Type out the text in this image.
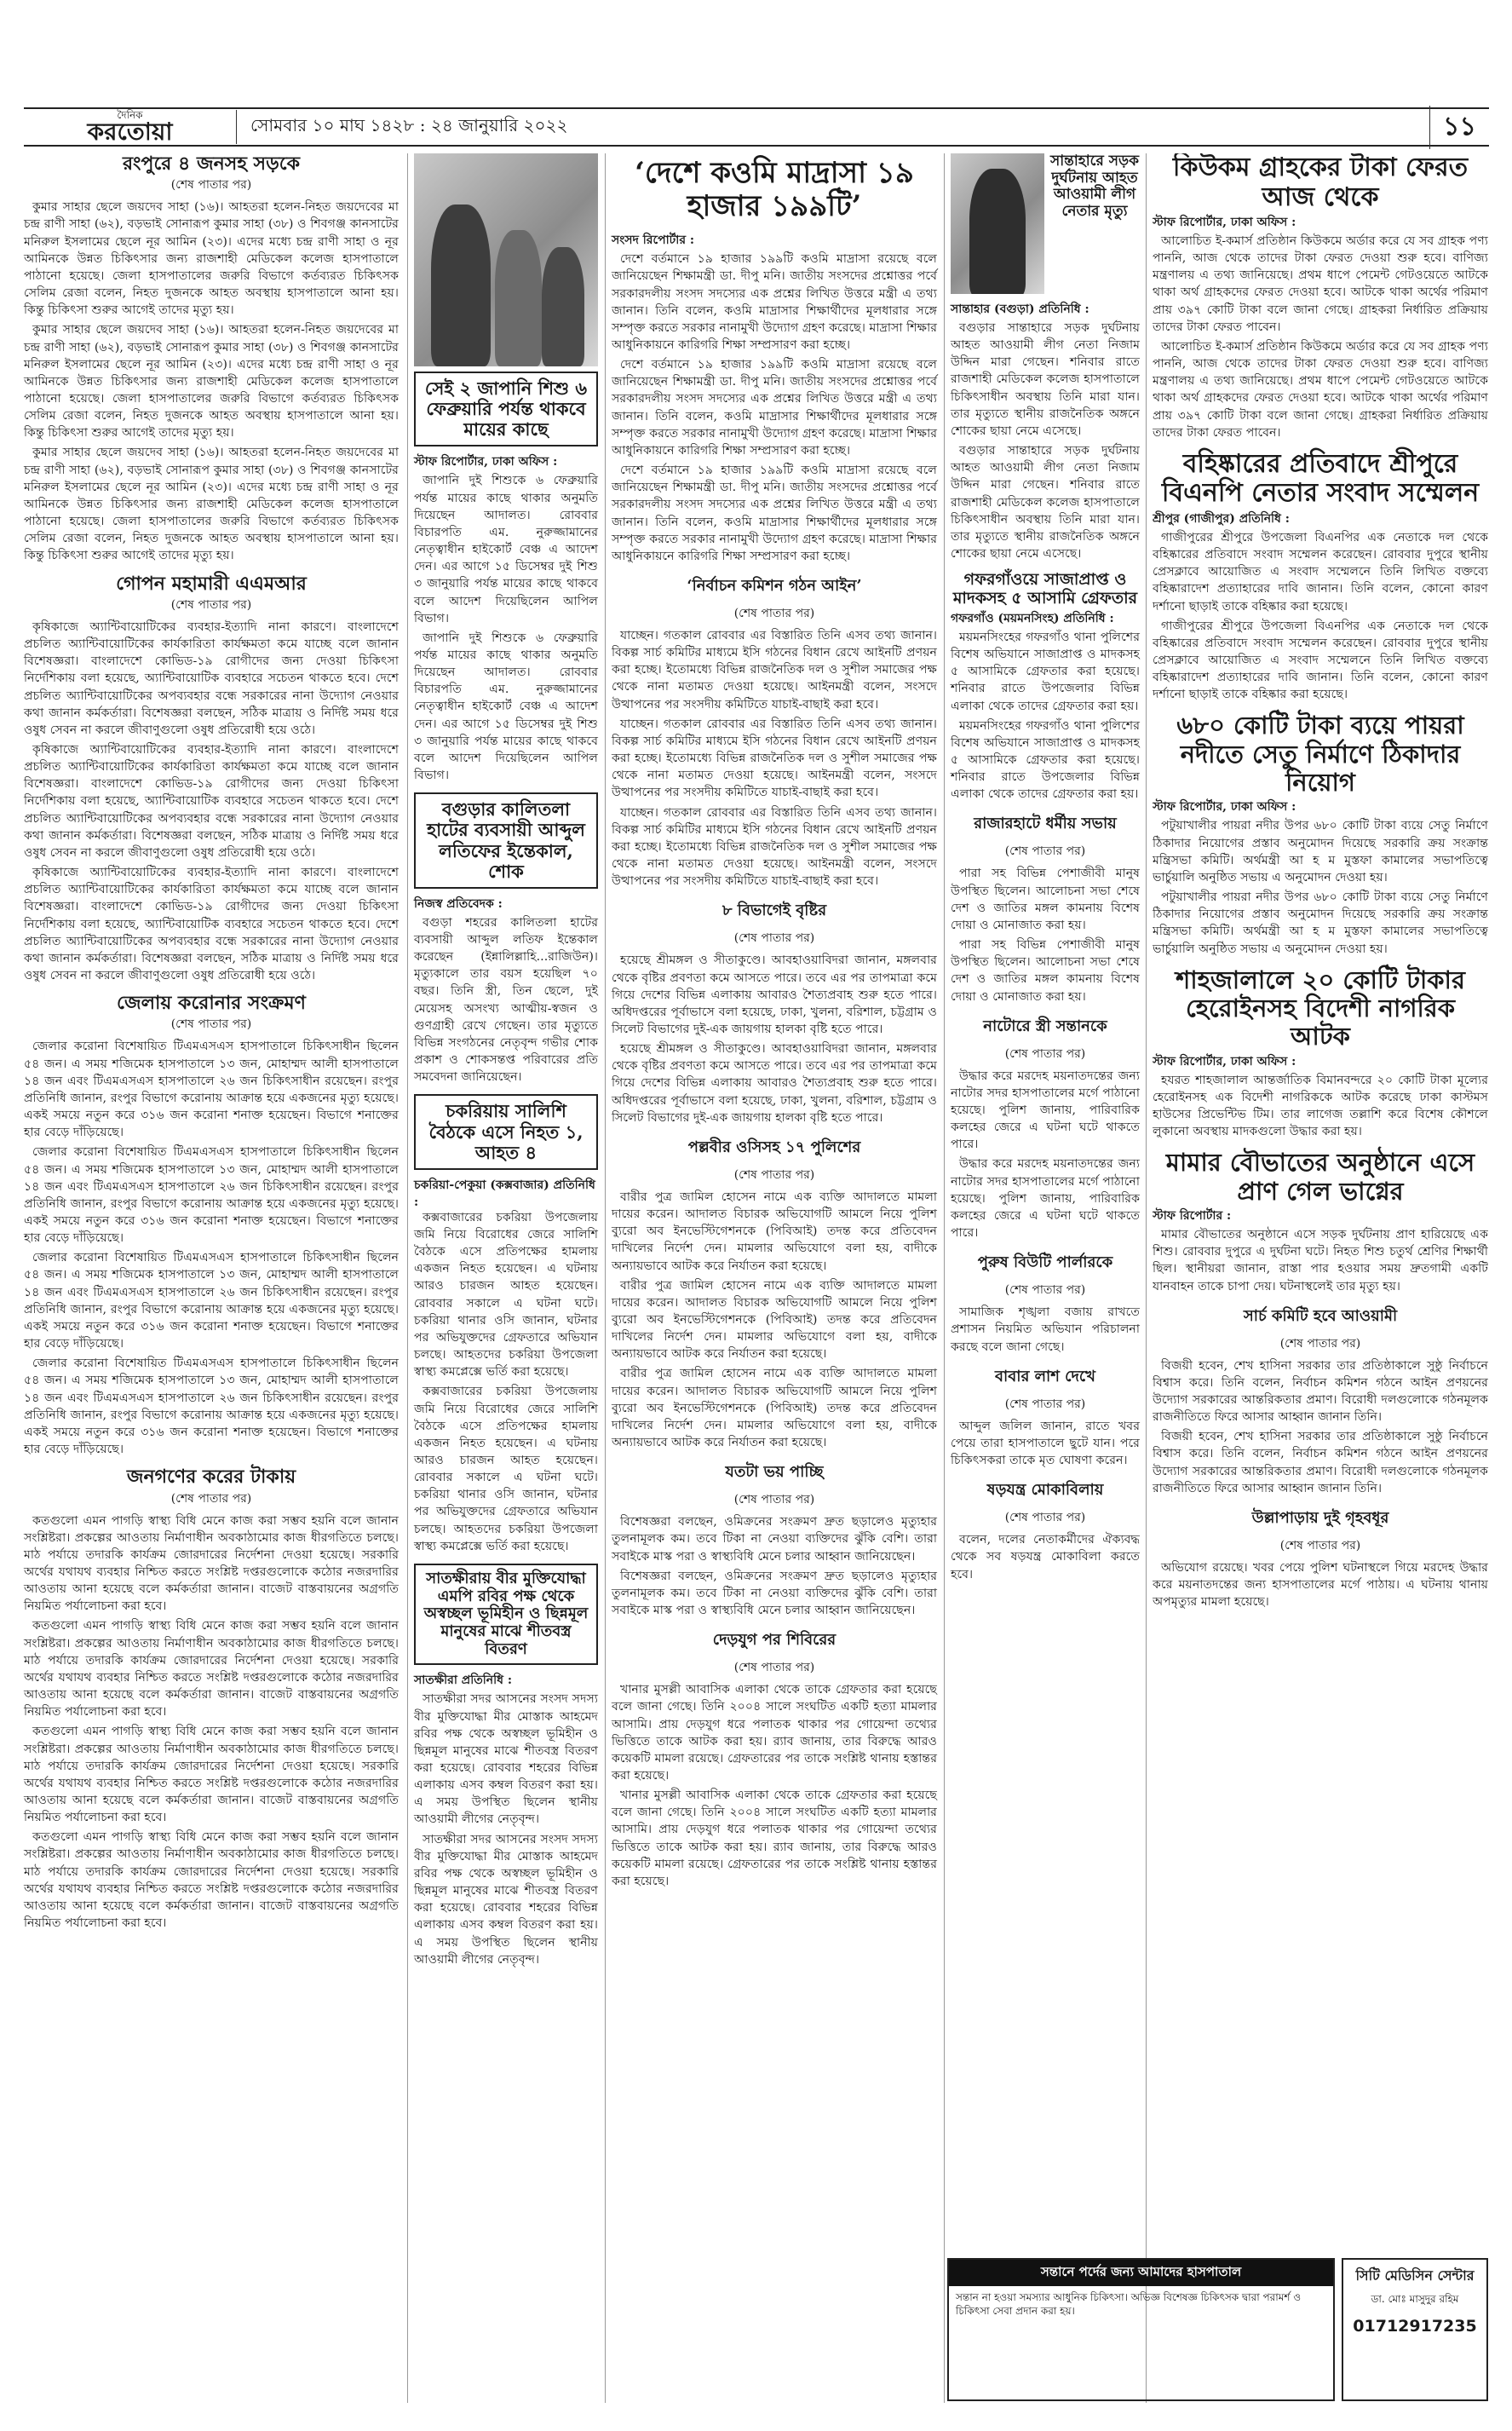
দৈনিক
করতোয়া	সোমবার ১০ মাঘ ১৪২৮ : ২৪ জানুয়ারি ২০২২	১১
রংপুরে ৪ জনসহ সড়কে
(শেষ পাতার পর)

কুমার সাহার ছেলে জয়দেব সাহা (১৬)। আহতরা হলেন-নিহত জয়দেবের মা চন্দ্র রাণী সাহা (৬২), বড়ভাই সোনারূপ কুমার সাহা (৩৮) ও শিবগঞ্জ কানসাটের মনিরুল ইসলামের ছেলে নূর আমিন (২৩)। এদের মধ্যে চন্দ্র রাণী সাহা ও নূর আমিনকে উন্নত চিকিৎসার জন্য রাজশাহী মেডিকেল কলেজ হাসপাতালে পাঠানো হয়েছে। জেলা হাসপাতালের জরুরি বিভাগে কর্তব্যরত চিকিৎসক সেলিম রেজা বলেন, নিহত দুজনকে আহত অবস্থায় হাসপাতালে আনা হয়। কিন্তু চিকিৎসা শুরুর আগেই তাদের মৃত্যু হয়।

কুমার সাহার ছেলে জয়দেব সাহা (১৬)। আহতরা হলেন-নিহত জয়দেবের মা চন্দ্র রাণী সাহা (৬২), বড়ভাই সোনারূপ কুমার সাহা (৩৮) ও শিবগঞ্জ কানসাটের মনিরুল ইসলামের ছেলে নূর আমিন (২৩)। এদের মধ্যে চন্দ্র রাণী সাহা ও নূর আমিনকে উন্নত চিকিৎসার জন্য রাজশাহী মেডিকেল কলেজ হাসপাতালে পাঠানো হয়েছে। জেলা হাসপাতালের জরুরি বিভাগে কর্তব্যরত চিকিৎসক সেলিম রেজা বলেন, নিহত দুজনকে আহত অবস্থায় হাসপাতালে আনা হয়। কিন্তু চিকিৎসা শুরুর আগেই তাদের মৃত্যু হয়।

কুমার সাহার ছেলে জয়দেব সাহা (১৬)। আহতরা হলেন-নিহত জয়দেবের মা চন্দ্র রাণী সাহা (৬২), বড়ভাই সোনারূপ কুমার সাহা (৩৮) ও শিবগঞ্জ কানসাটের মনিরুল ইসলামের ছেলে নূর আমিন (২৩)। এদের মধ্যে চন্দ্র রাণী সাহা ও নূর আমিনকে উন্নত চিকিৎসার জন্য রাজশাহী মেডিকেল কলেজ হাসপাতালে পাঠানো হয়েছে। জেলা হাসপাতালের জরুরি বিভাগে কর্তব্যরত চিকিৎসক সেলিম রেজা বলেন, নিহত দুজনকে আহত অবস্থায় হাসপাতালে আনা হয়। কিন্তু চিকিৎসা শুরুর আগেই তাদের মৃত্যু হয়।

গোপন মহামারী এএমআর
(শেষ পাতার পর)

কৃষিকাজে অ্যান্টিবায়োটিকের ব্যবহার-ইত্যাদি নানা কারণে। বাংলাদেশে প্রচলিত অ্যান্টিবায়োটিকের কার্যকারিতা কার্যক্ষমতা কমে যাচ্ছে বলে জানান বিশেষজ্ঞরা। বাংলাদেশে কোভিড-১৯ রোগীদের জন্য দেওয়া চিকিৎসা নির্দেশিকায় বলা হয়েছে, অ্যান্টিবায়োটিক ব্যবহারে সচেতন থাকতে হবে। দেশে প্রচলিত অ্যান্টিবায়োটিকের অপব্যবহার বন্ধে সরকারের নানা উদ্যোগ নেওয়ার কথা জানান কর্মকর্তারা। বিশেষজ্ঞরা বলছেন, সঠিক মাত্রায় ও নির্দিষ্ট সময় ধরে ওষুধ সেবন না করলে জীবাণুগুলো ওষুধ প্রতিরোধী হয়ে ওঠে।

কৃষিকাজে অ্যান্টিবায়োটিকের ব্যবহার-ইত্যাদি নানা কারণে। বাংলাদেশে প্রচলিত অ্যান্টিবায়োটিকের কার্যকারিতা কার্যক্ষমতা কমে যাচ্ছে বলে জানান বিশেষজ্ঞরা। বাংলাদেশে কোভিড-১৯ রোগীদের জন্য দেওয়া চিকিৎসা নির্দেশিকায় বলা হয়েছে, অ্যান্টিবায়োটিক ব্যবহারে সচেতন থাকতে হবে। দেশে প্রচলিত অ্যান্টিবায়োটিকের অপব্যবহার বন্ধে সরকারের নানা উদ্যোগ নেওয়ার কথা জানান কর্মকর্তারা। বিশেষজ্ঞরা বলছেন, সঠিক মাত্রায় ও নির্দিষ্ট সময় ধরে ওষুধ সেবন না করলে জীবাণুগুলো ওষুধ প্রতিরোধী হয়ে ওঠে।

কৃষিকাজে অ্যান্টিবায়োটিকের ব্যবহার-ইত্যাদি নানা কারণে। বাংলাদেশে প্রচলিত অ্যান্টিবায়োটিকের কার্যকারিতা কার্যক্ষমতা কমে যাচ্ছে বলে জানান বিশেষজ্ঞরা। বাংলাদেশে কোভিড-১৯ রোগীদের জন্য দেওয়া চিকিৎসা নির্দেশিকায় বলা হয়েছে, অ্যান্টিবায়োটিক ব্যবহারে সচেতন থাকতে হবে। দেশে প্রচলিত অ্যান্টিবায়োটিকের অপব্যবহার বন্ধে সরকারের নানা উদ্যোগ নেওয়ার কথা জানান কর্মকর্তারা। বিশেষজ্ঞরা বলছেন, সঠিক মাত্রায় ও নির্দিষ্ট সময় ধরে ওষুধ সেবন না করলে জীবাণুগুলো ওষুধ প্রতিরোধী হয়ে ওঠে।

জেলায় করোনার সংক্রমণ
(শেষ পাতার পর)

জেলার করোনা বিশেষায়িত টিএমএসএস হাসপাতালে চিকিৎসাধীন ছিলেন ৫৪ জন। এ সময় শজিমেক হাসপাতালে ১৩ জন, মোহাম্মদ আলী হাসপাতালে ১৪ জন এবং টিএমএসএস হাসপাতালে ২৬ জন চিকিৎসাধীন রয়েছেন। রংপুর প্রতিনিধি জানান, রংপুর বিভাগে করোনায় আক্রান্ত হয়ে একজনের মৃত্যু হয়েছে। একই সময়ে নতুন করে ৩১৬ জন করোনা শনাক্ত হয়েছেন। বিভাগে শনাক্তের হার বেড়ে দাঁড়িয়েছে।

জেলার করোনা বিশেষায়িত টিএমএসএস হাসপাতালে চিকিৎসাধীন ছিলেন ৫৪ জন। এ সময় শজিমেক হাসপাতালে ১৩ জন, মোহাম্মদ আলী হাসপাতালে ১৪ জন এবং টিএমএসএস হাসপাতালে ২৬ জন চিকিৎসাধীন রয়েছেন। রংপুর প্রতিনিধি জানান, রংপুর বিভাগে করোনায় আক্রান্ত হয়ে একজনের মৃত্যু হয়েছে। একই সময়ে নতুন করে ৩১৬ জন করোনা শনাক্ত হয়েছেন। বিভাগে শনাক্তের হার বেড়ে দাঁড়িয়েছে।

জেলার করোনা বিশেষায়িত টিএমএসএস হাসপাতালে চিকিৎসাধীন ছিলেন ৫৪ জন। এ সময় শজিমেক হাসপাতালে ১৩ জন, মোহাম্মদ আলী হাসপাতালে ১৪ জন এবং টিএমএসএস হাসপাতালে ২৬ জন চিকিৎসাধীন রয়েছেন। রংপুর প্রতিনিধি জানান, রংপুর বিভাগে করোনায় আক্রান্ত হয়ে একজনের মৃত্যু হয়েছে। একই সময়ে নতুন করে ৩১৬ জন করোনা শনাক্ত হয়েছেন। বিভাগে শনাক্তের হার বেড়ে দাঁড়িয়েছে।

জেলার করোনা বিশেষায়িত টিএমএসএস হাসপাতালে চিকিৎসাধীন ছিলেন ৫৪ জন। এ সময় শজিমেক হাসপাতালে ১৩ জন, মোহাম্মদ আলী হাসপাতালে ১৪ জন এবং টিএমএসএস হাসপাতালে ২৬ জন চিকিৎসাধীন রয়েছেন। রংপুর প্রতিনিধি জানান, রংপুর বিভাগে করোনায় আক্রান্ত হয়ে একজনের মৃত্যু হয়েছে। একই সময়ে নতুন করে ৩১৬ জন করোনা শনাক্ত হয়েছেন। বিভাগে শনাক্তের হার বেড়ে দাঁড়িয়েছে।

জনগণের করের টাকায়
(শেষ পাতার পর)

কতগুলো এমন পাগড়ি স্বাস্থ্য বিধি মেনে কাজ করা সম্ভব হয়নি বলে জানান সংশ্লিষ্টরা। প্রকল্পের আওতায় নির্মাণাধীন অবকাঠামোর কাজ ধীরগতিতে চলছে। মাঠ পর্যায়ে তদারকি কার্যক্রম জোরদারের নির্দেশনা দেওয়া হয়েছে। সরকারি অর্থের যথাযথ ব্যবহার নিশ্চিত করতে সংশ্লিষ্ট দপ্তরগুলোকে কঠোর নজরদারির আওতায় আনা হয়েছে বলে কর্মকর্তারা জানান। বাজেট বাস্তবায়নের অগ্রগতি নিয়মিত পর্যালোচনা করা হবে।

কতগুলো এমন পাগড়ি স্বাস্থ্য বিধি মেনে কাজ করা সম্ভব হয়নি বলে জানান সংশ্লিষ্টরা। প্রকল্পের আওতায় নির্মাণাধীন অবকাঠামোর কাজ ধীরগতিতে চলছে। মাঠ পর্যায়ে তদারকি কার্যক্রম জোরদারের নির্দেশনা দেওয়া হয়েছে। সরকারি অর্থের যথাযথ ব্যবহার নিশ্চিত করতে সংশ্লিষ্ট দপ্তরগুলোকে কঠোর নজরদারির আওতায় আনা হয়েছে বলে কর্মকর্তারা জানান। বাজেট বাস্তবায়নের অগ্রগতি নিয়মিত পর্যালোচনা করা হবে।

কতগুলো এমন পাগড়ি স্বাস্থ্য বিধি মেনে কাজ করা সম্ভব হয়নি বলে জানান সংশ্লিষ্টরা। প্রকল্পের আওতায় নির্মাণাধীন অবকাঠামোর কাজ ধীরগতিতে চলছে। মাঠ পর্যায়ে তদারকি কার্যক্রম জোরদারের নির্দেশনা দেওয়া হয়েছে। সরকারি অর্থের যথাযথ ব্যবহার নিশ্চিত করতে সংশ্লিষ্ট দপ্তরগুলোকে কঠোর নজরদারির আওতায় আনা হয়েছে বলে কর্মকর্তারা জানান। বাজেট বাস্তবায়নের অগ্রগতি নিয়মিত পর্যালোচনা করা হবে।

কতগুলো এমন পাগড়ি স্বাস্থ্য বিধি মেনে কাজ করা সম্ভব হয়নি বলে জানান সংশ্লিষ্টরা। প্রকল্পের আওতায় নির্মাণাধীন অবকাঠামোর কাজ ধীরগতিতে চলছে। মাঠ পর্যায়ে তদারকি কার্যক্রম জোরদারের নির্দেশনা দেওয়া হয়েছে। সরকারি অর্থের যথাযথ ব্যবহার নিশ্চিত করতে সংশ্লিষ্ট দপ্তরগুলোকে কঠোর নজরদারির আওতায় আনা হয়েছে বলে কর্মকর্তারা জানান। বাজেট বাস্তবায়নের অগ্রগতি নিয়মিত পর্যালোচনা করা হবে।

সেই ২ জাপানি শিশু ৬ ফেব্রুয়ারি পর্যন্ত থাকবে মায়ের কাছে
স্টাফ রিপোর্টার, ঢাকা অফিস :

জাপানি দুই শিশুকে ৬ ফেব্রুয়ারি পর্যন্ত মায়ের কাছে থাকার অনুমতি দিয়েছেন আদালত। রোববার বিচারপতি এম. নুরুজ্জামানের নেতৃত্বাধীন হাইকোর্ট বেঞ্চ এ আদেশ দেন। এর আগে ১৫ ডিসেম্বর দুই শিশু ৩ জানুয়ারি পর্যন্ত মায়ের কাছে থাকবে বলে আদেশ দিয়েছিলেন আপিল বিভাগ।

জাপানি দুই শিশুকে ৬ ফেব্রুয়ারি পর্যন্ত মায়ের কাছে থাকার অনুমতি দিয়েছেন আদালত। রোববার বিচারপতি এম. নুরুজ্জামানের নেতৃত্বাধীন হাইকোর্ট বেঞ্চ এ আদেশ দেন। এর আগে ১৫ ডিসেম্বর দুই শিশু ৩ জানুয়ারি পর্যন্ত মায়ের কাছে থাকবে বলে আদেশ দিয়েছিলেন আপিল বিভাগ।

বগুড়ার কালিতলা হাটের ব্যবসায়ী আব্দুল লতিফের ইন্তেকাল, শোক
নিজস্ব প্রতিবেদক :

বগুড়া শহরের কালিতলা হাটের ব্যবসায়ী আব্দুল লতিফ ইন্তেকাল করেছেন (ইন্নালিল্লাহি...রাজিউন)। মৃত্যুকালে তার বয়স হয়েছিল ৭০ বছর। তিনি স্ত্রী, তিন ছেলে, দুই মেয়েসহ অসংখ্য আত্মীয়-স্বজন ও গুণগ্রাহী রেখে গেছেন। তার মৃত্যুতে বিভিন্ন সংগঠনের নেতৃবৃন্দ গভীর শোক প্রকাশ ও শোকসন্তপ্ত পরিবারের প্রতি সমবেদনা জানিয়েছেন।

চকরিয়ায় সালিশি বৈঠকে এসে নিহত ১, আহত ৪
চকরিয়া-পেকুয়া (কক্সবাজার) প্রতিনিধি :

কক্সবাজারের চকরিয়া উপজেলায় জমি নিয়ে বিরোধের জেরে সালিশি বৈঠকে এসে প্রতিপক্ষের হামলায় একজন নিহত হয়েছেন। এ ঘটনায় আরও চারজন আহত হয়েছেন। রোববার সকালে এ ঘটনা ঘটে। চকরিয়া থানার ওসি জানান, ঘটনার পর অভিযুক্তদের গ্রেফতারে অভিযান চলছে। আহতদের চকরিয়া উপজেলা স্বাস্থ্য কমপ্লেক্সে ভর্তি করা হয়েছে।

কক্সবাজারের চকরিয়া উপজেলায় জমি নিয়ে বিরোধের জেরে সালিশি বৈঠকে এসে প্রতিপক্ষের হামলায় একজন নিহত হয়েছেন। এ ঘটনায় আরও চারজন আহত হয়েছেন। রোববার সকালে এ ঘটনা ঘটে। চকরিয়া থানার ওসি জানান, ঘটনার পর অভিযুক্তদের গ্রেফতারে অভিযান চলছে। আহতদের চকরিয়া উপজেলা স্বাস্থ্য কমপ্লেক্সে ভর্তি করা হয়েছে।

সাতক্ষীরায় বীর মুক্তিযোদ্ধা এমপি রবির পক্ষ থেকে অস্বচ্ছল ভূমিহীন ও ছিন্নমূল মানুষের মাঝে শীতবস্ত্র বিতরণ
সাতক্ষীরা প্রতিনিধি :

সাতক্ষীরা সদর আসনের সংসদ সদস্য বীর মুক্তিযোদ্ধা মীর মোস্তাক আহমেদ রবির পক্ষ থেকে অস্বচ্ছল ভূমিহীন ও ছিন্নমূল মানুষের মাঝে শীতবস্ত্র বিতরণ করা হয়েছে। রোববার শহরের বিভিন্ন এলাকায় এসব কম্বল বিতরণ করা হয়। এ সময় উপস্থিত ছিলেন স্থানীয় আওয়ামী লীগের নেতৃবৃন্দ।

সাতক্ষীরা সদর আসনের সংসদ সদস্য বীর মুক্তিযোদ্ধা মীর মোস্তাক আহমেদ রবির পক্ষ থেকে অস্বচ্ছল ভূমিহীন ও ছিন্নমূল মানুষের মাঝে শীতবস্ত্র বিতরণ করা হয়েছে। রোববার শহরের বিভিন্ন এলাকায় এসব কম্বল বিতরণ করা হয়। এ সময় উপস্থিত ছিলেন স্থানীয় আওয়ামী লীগের নেতৃবৃন্দ।

‘দেশে কওমি মাদ্রাসা ১৯ হাজার ১৯৯টি’
সংসদ রিপোর্টার :

দেশে বর্তমানে ১৯ হাজার ১৯৯টি কওমি মাদ্রাসা রয়েছে বলে জানিয়েছেন শিক্ষামন্ত্রী ডা. দীপু মনি। জাতীয় সংসদের প্রশ্নোত্তর পর্বে সরকারদলীয় সংসদ সদস্যের এক প্রশ্নের লিখিত উত্তরে মন্ত্রী এ তথ্য জানান। তিনি বলেন, কওমি মাদ্রাসার শিক্ষার্থীদের মূলধারার সঙ্গে সম্পৃক্ত করতে সরকার নানামুখী উদ্যোগ গ্রহণ করেছে। মাদ্রাসা শিক্ষার আধুনিকায়নে কারিগরি শিক্ষা সম্প্রসারণ করা হচ্ছে।

দেশে বর্তমানে ১৯ হাজার ১৯৯টি কওমি মাদ্রাসা রয়েছে বলে জানিয়েছেন শিক্ষামন্ত্রী ডা. দীপু মনি। জাতীয় সংসদের প্রশ্নোত্তর পর্বে সরকারদলীয় সংসদ সদস্যের এক প্রশ্নের লিখিত উত্তরে মন্ত্রী এ তথ্য জানান। তিনি বলেন, কওমি মাদ্রাসার শিক্ষার্থীদের মূলধারার সঙ্গে সম্পৃক্ত করতে সরকার নানামুখী উদ্যোগ গ্রহণ করেছে। মাদ্রাসা শিক্ষার আধুনিকায়নে কারিগরি শিক্ষা সম্প্রসারণ করা হচ্ছে।

দেশে বর্তমানে ১৯ হাজার ১৯৯টি কওমি মাদ্রাসা রয়েছে বলে জানিয়েছেন শিক্ষামন্ত্রী ডা. দীপু মনি। জাতীয় সংসদের প্রশ্নোত্তর পর্বে সরকারদলীয় সংসদ সদস্যের এক প্রশ্নের লিখিত উত্তরে মন্ত্রী এ তথ্য জানান। তিনি বলেন, কওমি মাদ্রাসার শিক্ষার্থীদের মূলধারার সঙ্গে সম্পৃক্ত করতে সরকার নানামুখী উদ্যোগ গ্রহণ করেছে। মাদ্রাসা শিক্ষার আধুনিকায়নে কারিগরি শিক্ষা সম্প্রসারণ করা হচ্ছে।

‘নির্বাচন কমিশন গঠন আইন’
(শেষ পাতার পর)

যাচ্ছেন। গতকাল রোববার এর বিস্তারিত তিনি এসব তথ্য জানান। বিকল্প সার্চ কমিটির মাধ্যমে ইসি গঠনের বিধান রেখে আইনটি প্রণয়ন করা হচ্ছে। ইতোমধ্যে বিভিন্ন রাজনৈতিক দল ও সুশীল সমাজের পক্ষ থেকে নানা মতামত দেওয়া হয়েছে। আইনমন্ত্রী বলেন, সংসদে উত্থাপনের পর সংসদীয় কমিটিতে যাচাই-বাছাই করা হবে।

যাচ্ছেন। গতকাল রোববার এর বিস্তারিত তিনি এসব তথ্য জানান। বিকল্প সার্চ কমিটির মাধ্যমে ইসি গঠনের বিধান রেখে আইনটি প্রণয়ন করা হচ্ছে। ইতোমধ্যে বিভিন্ন রাজনৈতিক দল ও সুশীল সমাজের পক্ষ থেকে নানা মতামত দেওয়া হয়েছে। আইনমন্ত্রী বলেন, সংসদে উত্থাপনের পর সংসদীয় কমিটিতে যাচাই-বাছাই করা হবে।

যাচ্ছেন। গতকাল রোববার এর বিস্তারিত তিনি এসব তথ্য জানান। বিকল্প সার্চ কমিটির মাধ্যমে ইসি গঠনের বিধান রেখে আইনটি প্রণয়ন করা হচ্ছে। ইতোমধ্যে বিভিন্ন রাজনৈতিক দল ও সুশীল সমাজের পক্ষ থেকে নানা মতামত দেওয়া হয়েছে। আইনমন্ত্রী বলেন, সংসদে উত্থাপনের পর সংসদীয় কমিটিতে যাচাই-বাছাই করা হবে।

৮ বিভাগেই বৃষ্টির
(শেষ পাতার পর)

হয়েছে শ্রীমঙ্গল ও সীতাকুণ্ডে। আবহাওয়াবিদরা জানান, মঙ্গলবার থেকে বৃষ্টির প্রবণতা কমে আসতে পারে। তবে এর পর তাপমাত্রা কমে গিয়ে দেশের বিভিন্ন এলাকায় আবারও শৈত্যপ্রবাহ শুরু হতে পারে। অধিদপ্তরের পূর্বাভাসে বলা হয়েছে, ঢাকা, খুলনা, বরিশাল, চট্টগ্রাম ও সিলেট বিভাগের দুই-এক জায়গায় হালকা বৃষ্টি হতে পারে।

হয়েছে শ্রীমঙ্গল ও সীতাকুণ্ডে। আবহাওয়াবিদরা জানান, মঙ্গলবার থেকে বৃষ্টির প্রবণতা কমে আসতে পারে। তবে এর পর তাপমাত্রা কমে গিয়ে দেশের বিভিন্ন এলাকায় আবারও শৈত্যপ্রবাহ শুরু হতে পারে। অধিদপ্তরের পূর্বাভাসে বলা হয়েছে, ঢাকা, খুলনা, বরিশাল, চট্টগ্রাম ও সিলেট বিভাগের দুই-এক জায়গায় হালকা বৃষ্টি হতে পারে।

পল্লবীর ওসিসহ ১৭ পুলিশের
(শেষ পাতার পর)

বারীর পুত্র জামিল হোসেন নামে এক ব্যক্তি আদালতে মামলা দায়ের করেন। আদালত বিচারক অভিযোগটি আমলে নিয়ে পুলিশ ব্যুরো অব ইনভেস্টিগেশনকে (পিবিআই) তদন্ত করে প্রতিবেদন দাখিলের নির্দেশ দেন। মামলার অভিযোগে বলা হয়, বাদীকে অন্যায়ভাবে আটক করে নির্যাতন করা হয়েছে।

বারীর পুত্র জামিল হোসেন নামে এক ব্যক্তি আদালতে মামলা দায়ের করেন। আদালত বিচারক অভিযোগটি আমলে নিয়ে পুলিশ ব্যুরো অব ইনভেস্টিগেশনকে (পিবিআই) তদন্ত করে প্রতিবেদন দাখিলের নির্দেশ দেন। মামলার অভিযোগে বলা হয়, বাদীকে অন্যায়ভাবে আটক করে নির্যাতন করা হয়েছে।

বারীর পুত্র জামিল হোসেন নামে এক ব্যক্তি আদালতে মামলা দায়ের করেন। আদালত বিচারক অভিযোগটি আমলে নিয়ে পুলিশ ব্যুরো অব ইনভেস্টিগেশনকে (পিবিআই) তদন্ত করে প্রতিবেদন দাখিলের নির্দেশ দেন। মামলার অভিযোগে বলা হয়, বাদীকে অন্যায়ভাবে আটক করে নির্যাতন করা হয়েছে।

যতটা ভয় পাচ্ছি
(শেষ পাতার পর)

বিশেষজ্ঞরা বলছেন, ওমিক্রনের সংক্রমণ দ্রুত ছড়ালেও মৃত্যুহার তুলনামূলক কম। তবে টিকা না নেওয়া ব্যক্তিদের ঝুঁকি বেশি। তারা সবাইকে মাস্ক পরা ও স্বাস্থ্যবিধি মেনে চলার আহ্বান জানিয়েছেন।

বিশেষজ্ঞরা বলছেন, ওমিক্রনের সংক্রমণ দ্রুত ছড়ালেও মৃত্যুহার তুলনামূলক কম। তবে টিকা না নেওয়া ব্যক্তিদের ঝুঁকি বেশি। তারা সবাইকে মাস্ক পরা ও স্বাস্থ্যবিধি মেনে চলার আহ্বান জানিয়েছেন।

দেড়যুগ পর শিবিরের
(শেষ পাতার পর)

খানার মুসল্লী আবাসিক এলাকা থেকে তাকে গ্রেফতার করা হয়েছে বলে জানা গেছে। তিনি ২০০৪ সালে সংঘটিত একটি হত্যা মামলার আসামি। প্রায় দেড়যুগ ধরে পলাতক থাকার পর গোয়েন্দা তথ্যের ভিত্তিতে তাকে আটক করা হয়। র‌্যাব জানায়, তার বিরুদ্ধে আরও কয়েকটি মামলা রয়েছে। গ্রেফতারের পর তাকে সংশ্লিষ্ট থানায় হস্তান্তর করা হয়েছে।

খানার মুসল্লী আবাসিক এলাকা থেকে তাকে গ্রেফতার করা হয়েছে বলে জানা গেছে। তিনি ২০০৪ সালে সংঘটিত একটি হত্যা মামলার আসামি। প্রায় দেড়যুগ ধরে পলাতক থাকার পর গোয়েন্দা তথ্যের ভিত্তিতে তাকে আটক করা হয়। র‌্যাব জানায়, তার বিরুদ্ধে আরও কয়েকটি মামলা রয়েছে। গ্রেফতারের পর তাকে সংশ্লিষ্ট থানায় হস্তান্তর করা হয়েছে।

সান্তাহারে সড়ক দুর্ঘটনায় আহত আওয়ামী লীগ নেতার মৃত্যু
সান্তাহার (বগুড়া) প্রতিনিধি :

বগুড়ার সান্তাহারে সড়ক দুর্ঘটনায় আহত আওয়ামী লীগ নেতা নিজাম উদ্দিন মারা গেছেন। শনিবার রাতে রাজশাহী মেডিকেল কলেজ হাসপাতালে চিকিৎসাধীন অবস্থায় তিনি মারা যান। তার মৃত্যুতে স্থানীয় রাজনৈতিক অঙ্গনে শোকের ছায়া নেমে এসেছে।

বগুড়ার সান্তাহারে সড়ক দুর্ঘটনায় আহত আওয়ামী লীগ নেতা নিজাম উদ্দিন মারা গেছেন। শনিবার রাতে রাজশাহী মেডিকেল কলেজ হাসপাতালে চিকিৎসাধীন অবস্থায় তিনি মারা যান। তার মৃত্যুতে স্থানীয় রাজনৈতিক অঙ্গনে শোকের ছায়া নেমে এসেছে।

গফরগাঁওয়ে সাজাপ্রাপ্ত ও মাদকসহ ৫ আসামি গ্রেফতার
গফরগাঁও (ময়মনসিংহ) প্রতিনিধি :

ময়মনসিংহের গফরগাঁও থানা পুলিশের বিশেষ অভিযানে সাজাপ্রাপ্ত ও মাদকসহ ৫ আসামিকে গ্রেফতার করা হয়েছে। শনিবার রাতে উপজেলার বিভিন্ন এলাকা থেকে তাদের গ্রেফতার করা হয়।

ময়মনসিংহের গফরগাঁও থানা পুলিশের বিশেষ অভিযানে সাজাপ্রাপ্ত ও মাদকসহ ৫ আসামিকে গ্রেফতার করা হয়েছে। শনিবার রাতে উপজেলার বিভিন্ন এলাকা থেকে তাদের গ্রেফতার করা হয়।

রাজারহাটে ধর্মীয় সভায়
(শেষ পাতার পর)

পারা সহ বিভিন্ন পেশাজীবী মানুষ উপস্থিত ছিলেন। আলোচনা সভা শেষে দেশ ও জাতির মঙ্গল কামনায় বিশেষ দোয়া ও মোনাজাত করা হয়।

পারা সহ বিভিন্ন পেশাজীবী মানুষ উপস্থিত ছিলেন। আলোচনা সভা শেষে দেশ ও জাতির মঙ্গল কামনায় বিশেষ দোয়া ও মোনাজাত করা হয়।

নাটোরে স্ত্রী সন্তানকে
(শেষ পাতার পর)

উদ্ধার করে মরদেহ ময়নাতদন্তের জন্য নাটোর সদর হাসপাতালের মর্গে পাঠানো হয়েছে। পুলিশ জানায়, পারিবারিক কলহের জেরে এ ঘটনা ঘটে থাকতে পারে।

উদ্ধার করে মরদেহ ময়নাতদন্তের জন্য নাটোর সদর হাসপাতালের মর্গে পাঠানো হয়েছে। পুলিশ জানায়, পারিবারিক কলহের জেরে এ ঘটনা ঘটে থাকতে পারে।

পুরুষ বিউটি পার্লারকে
(শেষ পাতার পর)

সামাজিক শৃঙ্খলা বজায় রাখতে প্রশাসন নিয়মিত অভিযান পরিচালনা করছে বলে জানা গেছে।

বাবার লাশ দেখে
(শেষ পাতার পর)

আব্দুল জলিল জানান, রাতে খবর পেয়ে তারা হাসপাতালে ছুটে যান। পরে চিকিৎসকরা তাকে মৃত ঘোষণা করেন।

ষড়যন্ত্র মোকাবিলায়
(শেষ পাতার পর)

বলেন, দলের নেতাকর্মীদের ঐক্যবদ্ধ থেকে সব ষড়যন্ত্র মোকাবিলা করতে হবে।

কিউকম গ্রাহকের টাকা ফেরত আজ থেকে
স্টাফ রিপোর্টার, ঢাকা অফিস :

আলোচিত ই-কমার্স প্রতিষ্ঠান কিউকমে অর্ডার করে যে সব গ্রাহক পণ্য পাননি, আজ থেকে তাদের টাকা ফেরত দেওয়া শুরু হবে। বাণিজ্য মন্ত্রণালয় এ তথ্য জানিয়েছে। প্রথম ধাপে পেমেন্ট গেটওয়েতে আটকে থাকা অর্থ গ্রাহকদের ফেরত দেওয়া হবে। আটকে থাকা অর্থের পরিমাণ প্রায় ৩৯৭ কোটি টাকা বলে জানা গেছে। গ্রাহকরা নির্ধারিত প্রক্রিয়ায় তাদের টাকা ফেরত পাবেন।

আলোচিত ই-কমার্স প্রতিষ্ঠান কিউকমে অর্ডার করে যে সব গ্রাহক পণ্য পাননি, আজ থেকে তাদের টাকা ফেরত দেওয়া শুরু হবে। বাণিজ্য মন্ত্রণালয় এ তথ্য জানিয়েছে। প্রথম ধাপে পেমেন্ট গেটওয়েতে আটকে থাকা অর্থ গ্রাহকদের ফেরত দেওয়া হবে। আটকে থাকা অর্থের পরিমাণ প্রায় ৩৯৭ কোটি টাকা বলে জানা গেছে। গ্রাহকরা নির্ধারিত প্রক্রিয়ায় তাদের টাকা ফেরত পাবেন।

বহিষ্কারের প্রতিবাদে শ্রীপুরে বিএনপি নেতার সংবাদ সম্মেলন
শ্রীপুর (গাজীপুর) প্রতিনিধি :

গাজীপুরের শ্রীপুরে উপজেলা বিএনপির এক নেতাকে দল থেকে বহিষ্কারের প্রতিবাদে সংবাদ সম্মেলন করেছেন। রোববার দুপুরে স্থানীয় প্রেসক্লাবে আয়োজিত এ সংবাদ সম্মেলনে তিনি লিখিত বক্তব্যে বহিষ্কারাদেশ প্রত্যাহারের দাবি জানান। তিনি বলেন, কোনো কারণ দর্শানো ছাড়াই তাকে বহিষ্কার করা হয়েছে।

গাজীপুরের শ্রীপুরে উপজেলা বিএনপির এক নেতাকে দল থেকে বহিষ্কারের প্রতিবাদে সংবাদ সম্মেলন করেছেন। রোববার দুপুরে স্থানীয় প্রেসক্লাবে আয়োজিত এ সংবাদ সম্মেলনে তিনি লিখিত বক্তব্যে বহিষ্কারাদেশ প্রত্যাহারের দাবি জানান। তিনি বলেন, কোনো কারণ দর্শানো ছাড়াই তাকে বহিষ্কার করা হয়েছে।

৬৮০ কোটি টাকা ব্যয়ে পায়রা নদীতে সেতু নির্মাণে ঠিকাদার নিয়োগ
স্টাফ রিপোর্টার, ঢাকা অফিস :

পটুয়াখালীর পায়রা নদীর উপর ৬৮০ কোটি টাকা ব্যয়ে সেতু নির্মাণে ঠিকাদার নিয়োগের প্রস্তাব অনুমোদন দিয়েছে সরকারি ক্রয় সংক্রান্ত মন্ত্রিসভা কমিটি। অর্থমন্ত্রী আ হ ম মুস্তফা কামালের সভাপতিত্বে ভার্চুয়ালি অনুষ্ঠিত সভায় এ অনুমোদন দেওয়া হয়।

পটুয়াখালীর পায়রা নদীর উপর ৬৮০ কোটি টাকা ব্যয়ে সেতু নির্মাণে ঠিকাদার নিয়োগের প্রস্তাব অনুমোদন দিয়েছে সরকারি ক্রয় সংক্রান্ত মন্ত্রিসভা কমিটি। অর্থমন্ত্রী আ হ ম মুস্তফা কামালের সভাপতিত্বে ভার্চুয়ালি অনুষ্ঠিত সভায় এ অনুমোদন দেওয়া হয়।

শাহজালালে ২০ কোটি টাকার হেরোইনসহ বিদেশী নাগরিক আটক
স্টাফ রিপোর্টার, ঢাকা অফিস :

হযরত শাহজালাল আন্তর্জাতিক বিমানবন্দরে ২০ কোটি টাকা মূল্যের হেরোইনসহ এক বিদেশী নাগরিককে আটক করেছে ঢাকা কাস্টমস হাউসের প্রিভেন্টিভ টিম। তার লাগেজ তল্লাশি করে বিশেষ কৌশলে লুকানো অবস্থায় মাদকগুলো উদ্ধার করা হয়।

মামার বৌভাতের অনুষ্ঠানে এসে প্রাণ গেল ভাগ্নের
স্টাফ রিপোর্টার :

মামার বৌভাতের অনুষ্ঠানে এসে সড়ক দুর্ঘটনায় প্রাণ হারিয়েছে এক শিশু। রোববার দুপুরে এ দুর্ঘটনা ঘটে। নিহত শিশু চতুর্থ শ্রেণির শিক্ষার্থী ছিল। স্থানীয়রা জানান, রাস্তা পার হওয়ার সময় দ্রুতগামী একটি যানবাহন তাকে চাপা দেয়। ঘটনাস্থলেই তার মৃত্যু হয়।

সার্চ কমিটি হবে আওয়ামী
(শেষ পাতার পর)

বিজয়ী হবেন, শেখ হাসিনা সরকার তার প্রতিষ্ঠাকালে সুষ্ঠু নির্বাচনে বিশ্বাস করে। তিনি বলেন, নির্বাচন কমিশন গঠনে আইন প্রণয়নের উদ্যোগ সরকারের আন্তরিকতার প্রমাণ। বিরোধী দলগুলোকে গঠনমূলক রাজনীতিতে ফিরে আসার আহ্বান জানান তিনি।

বিজয়ী হবেন, শেখ হাসিনা সরকার তার প্রতিষ্ঠাকালে সুষ্ঠু নির্বাচনে বিশ্বাস করে। তিনি বলেন, নির্বাচন কমিশন গঠনে আইন প্রণয়নের উদ্যোগ সরকারের আন্তরিকতার প্রমাণ। বিরোধী দলগুলোকে গঠনমূলক রাজনীতিতে ফিরে আসার আহ্বান জানান তিনি।

উল্লাপাড়ায় দুই গৃহবধূর
(শেষ পাতার পর)

অভিযোগ রয়েছে। খবর পেয়ে পুলিশ ঘটনাস্থলে গিয়ে মরদেহ উদ্ধার করে ময়নাতদন্তের জন্য হাসপাতালের মর্গে পাঠায়। এ ঘটনায় থানায় অপমৃত্যুর মামলা হয়েছে।

সন্তানে পর্দের জন্য আমাদের হাসপাতাল
সন্তান না হওয়া সমস্যার আধুনিক চিকিৎসা। অভিজ্ঞ বিশেষজ্ঞ চিকিৎসক দ্বারা পরামর্শ ও চিকিৎসা সেবা প্রদান করা হয়।
সিটি মেডিসিন সেন্টার
ডা. মোঃ মাসুদুর রহিম
01712917235
